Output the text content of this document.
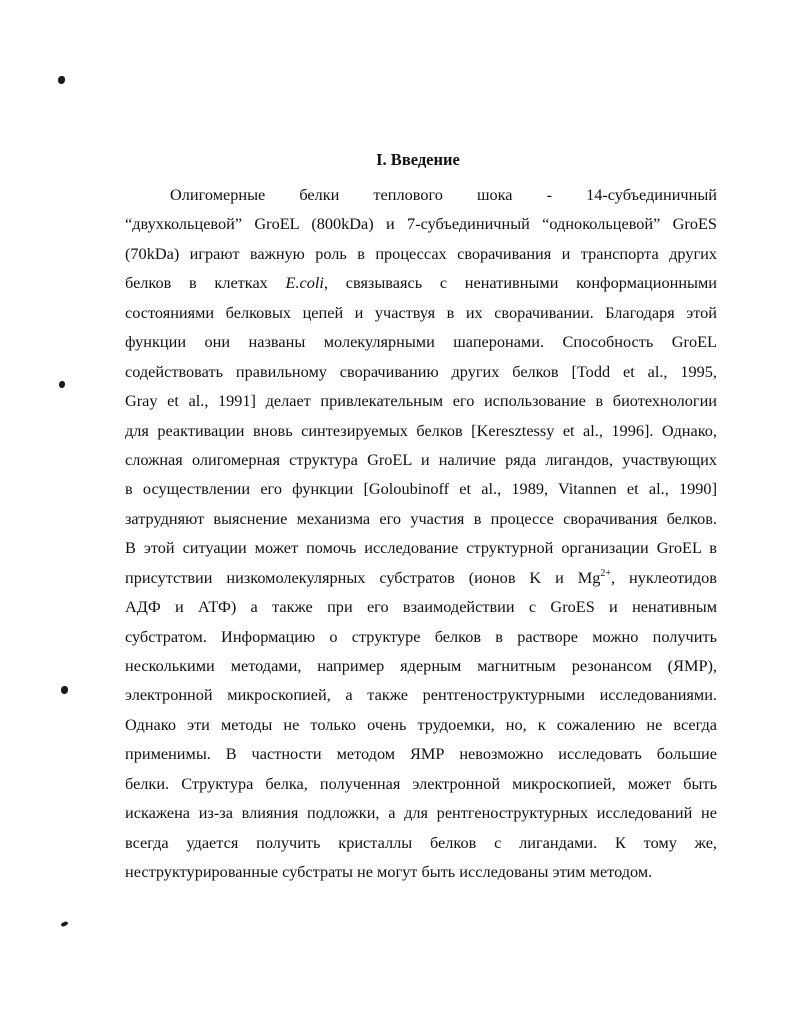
I. Введение
Олигомерные белки теплового шока - 14-субъединичный
“двухкольцевой” GroEL (800kDa) и 7-субъединичный “однокольцевой” GroES
(70kDa) играют важную роль в процессах сворачивания и транспорта других
белков в клетках E.coli, связываясь с ненативными конформационными
состояниями белковых цепей и участвуя в их сворачивании. Благодаря этой
функции они названы молекулярными шаперонами. Способность GroEL
содействовать правильному сворачиванию других белков [Todd et al., 1995,
Gray et al., 1991] делает привлекательным его использование в биотехнологии
для реактивации вновь синтезируемых белков [Keresztessy et al., 1996]. Однако,
сложная олигомерная структура GroEL и наличие ряда лигандов, участвующих
в осуществлении его функции [Goloubinoff et al., 1989, Vitannen et al., 1990]
затрудняют выяснение механизма его участия в процессе сворачивания белков.
В этой ситуации может помочь исследование структурной организации GroEL в
присутствии низкомолекулярных субстратов (ионов K и $Mg^{2+}$, нуклеотидов
АДФ и АТФ) а также при его взаимодействии с GroES и ненативным
субстратом. Информацию о структуре белков в растворе можно получить
несколькими методами, например ядерным магнитным резонансом (ЯМР),
электронной микроскопией, а также рентгеноструктурными исследованиями.
Однако эти методы не только очень трудоемки, но, к сожалению не всегда
применимы. В частности методом ЯМР невозможно исследовать большие
белки. Структура белка, полученная электронной микроскопией, может быть
искажена из-за влияния подложки, а для рентгеноструктурных исследований не
всегда удается получить кристаллы белков с лигандами. К тому же,
неструктурированные субстраты не могут быть исследованы этим методом.
